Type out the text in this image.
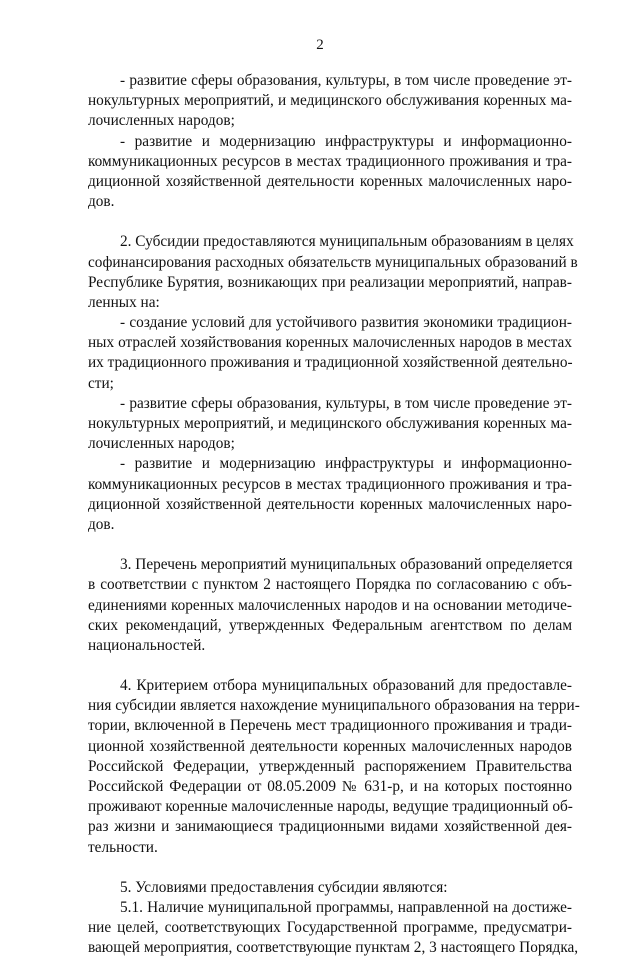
2
- развитие сферы образования, культуры, в том числе проведение эт-
нокультурных мероприятий, и медицинского обслуживания коренных ма-
лочисленных народов;
- развитие и модернизацию инфраструктуры и информационно-
коммуникационных ресурсов в местах традиционного проживания и тра-
диционной хозяйственной деятельности коренных малочисленных наро-
дов.
2. Субсидии предоставляются муниципальным образованиям в целях
софинансирования расходных обязательств муниципальных образований в
Республике Бурятия, возникающих при реализации мероприятий, направ-
ленных на:
- создание условий для устойчивого развития экономики традицион-
ных отраслей хозяйствования коренных малочисленных народов в местах
их традиционного проживания и традиционной хозяйственной деятельно-
сти;
- развитие сферы образования, культуры, в том числе проведение эт-
нокультурных мероприятий, и медицинского обслуживания коренных ма-
лочисленных народов;
- развитие и модернизацию инфраструктуры и информационно-
коммуникационных ресурсов в местах традиционного проживания и тра-
диционной хозяйственной деятельности коренных малочисленных наро-
дов.
3. Перечень мероприятий муниципальных образований определяется
в соответствии с пунктом 2 настоящего Порядка по согласованию с объ-
единениями коренных малочисленных народов и на основании методиче-
ских рекомендаций, утвержденных Федеральным агентством по делам
национальностей.
4. Критерием отбора муниципальных образований для предоставле-
ния субсидии является нахождение муниципального образования на терри-
тории, включенной в Перечень мест традиционного проживания и тради-
ционной хозяйственной деятельности коренных малочисленных народов
Российской Федерации, утвержденный распоряжением Правительства
Российской Федерации от 08.05.2009 № 631-р, и на которых постоянно
проживают коренные малочисленные народы, ведущие традиционный об-
раз жизни и занимающиеся традиционными видами хозяйственной дея-
тельности.
5. Условиями предоставления субсидии являются:
5.1. Наличие муниципальной программы, направленной на достиже-
ние целей, соответствующих Государственной программе, предусматри-
вающей мероприятия, соответствующие пунктам 2, 3 настоящего Порядка,
